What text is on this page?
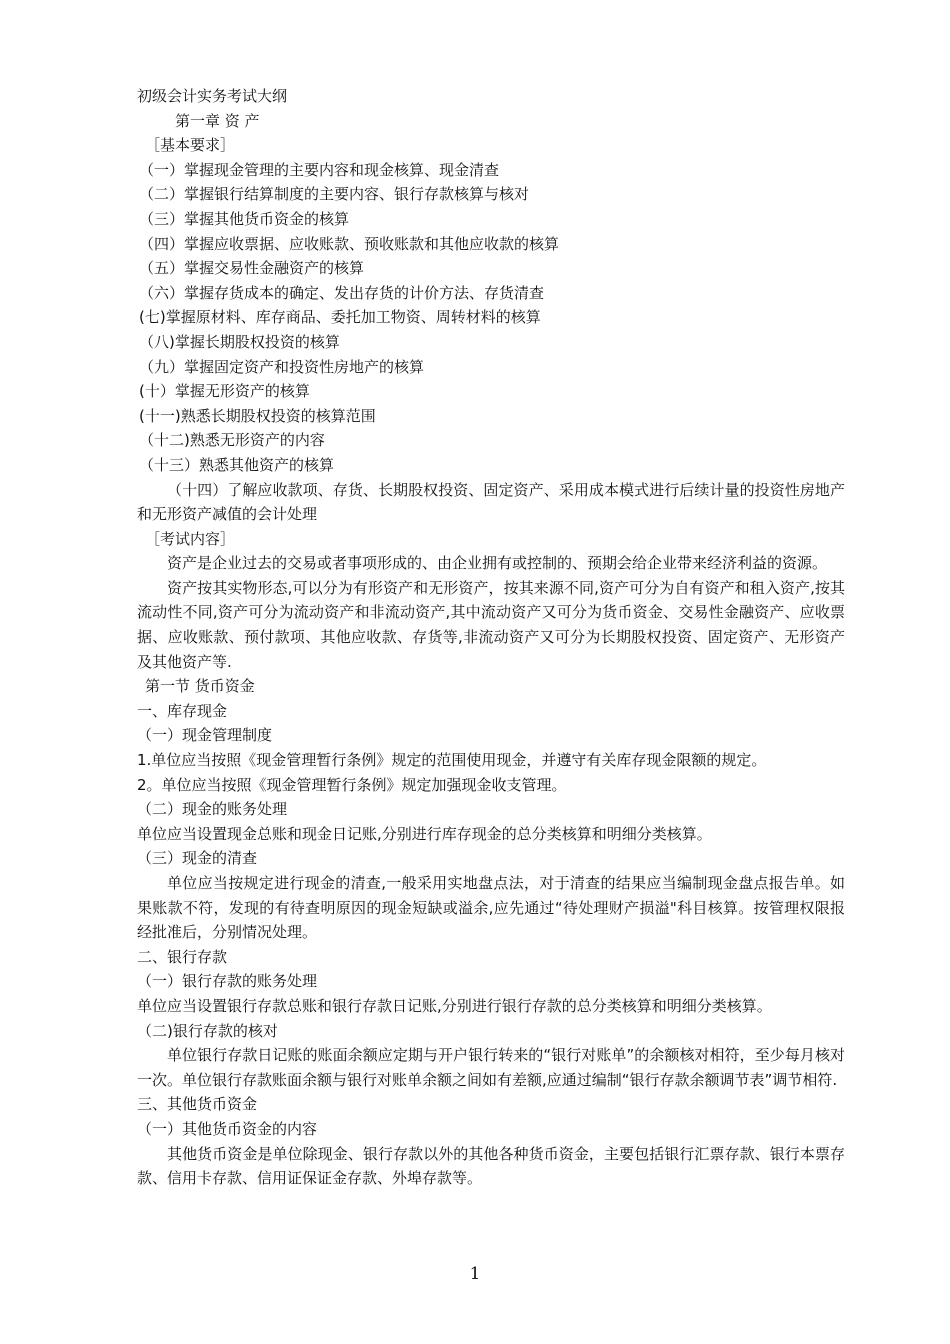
初级会计实务考试大纲
第一章 资 产
［基本要求］
（一）掌握现金管理的主要内容和现金核算、现金清查
（二）掌握银行结算制度的主要内容、银行存款核算与核对
（三）掌握其他货币资金的核算
（四）掌握应收票据、应收账款、预收账款和其他应收款的核算
（五）掌握交易性金融资产的核算
（六）掌握存货成本的确定、发出存货的计价方法、存货清查
(七)掌握原材料、库存商品、委托加工物资、周转材料的核算
（八)掌握长期股权投资的核算
（九）掌握固定资产和投资性房地产的核算
(十）掌握无形资产的核算
(十一)熟悉长期股权投资的核算范围
（十二)熟悉无形资产的内容
（十三）熟悉其他资产的核算
（十四）了解应收款项、存货、长期股权投资、固定资产、采用成本模式进行后续计量的投资性房地产和无形资产减值的会计处理
［考试内容］
资产是企业过去的交易或者事项形成的、由企业拥有或控制的、预期会给企业带来经济利益的资源。
资产按其实物形态,可以分为有形资产和无形资产，按其来源不同,资产可分为自有资产和租入资产,按其流动性不同,资产可分为流动资产和非流动资产,其中流动资产又可分为货币资金、交易性金融资产、应收票据、应收账款、预付款项、其他应收款、存货等,非流动资产又可分为长期股权投资、固定资产、无形资产及其他资产等.
第一节 货币资金
一、库存现金
（一）现金管理制度
1.单位应当按照《现金管理暂行条例》规定的范围使用现金，并遵守有关库存现金限额的规定。
2。单位应当按照《现金管理暂行条例》规定加强现金收支管理。
（二）现金的账务处理
单位应当设置现金总账和现金日记账,分别进行库存现金的总分类核算和明细分类核算。
（三）现金的清查
单位应当按规定进行现金的清查,一般采用实地盘点法，对于清查的结果应当编制现金盘点报告单。如果账款不符，发现的有待查明原因的现金短缺或溢余,应先通过“待处理财产损溢"科目核算。按管理权限报经批准后，分别情况处理。
二、银行存款
（一）银行存款的账务处理
单位应当设置银行存款总账和银行存款日记账,分别进行银行存款的总分类核算和明细分类核算。
（二)银行存款的核对
单位银行存款日记账的账面余额应定期与开户银行转来的“银行对账单”的余额核对相符，至少每月核对一次。单位银行存款账面余额与银行对账单余额之间如有差额,应通过编制“银行存款余额调节表”调节相符.
三、其他货币资金
（一）其他货币资金的内容
其他货币资金是单位除现金、银行存款以外的其他各种货币资金，主要包括银行汇票存款、银行本票存款、信用卡存款、信用证保证金存款、外埠存款等。
1
